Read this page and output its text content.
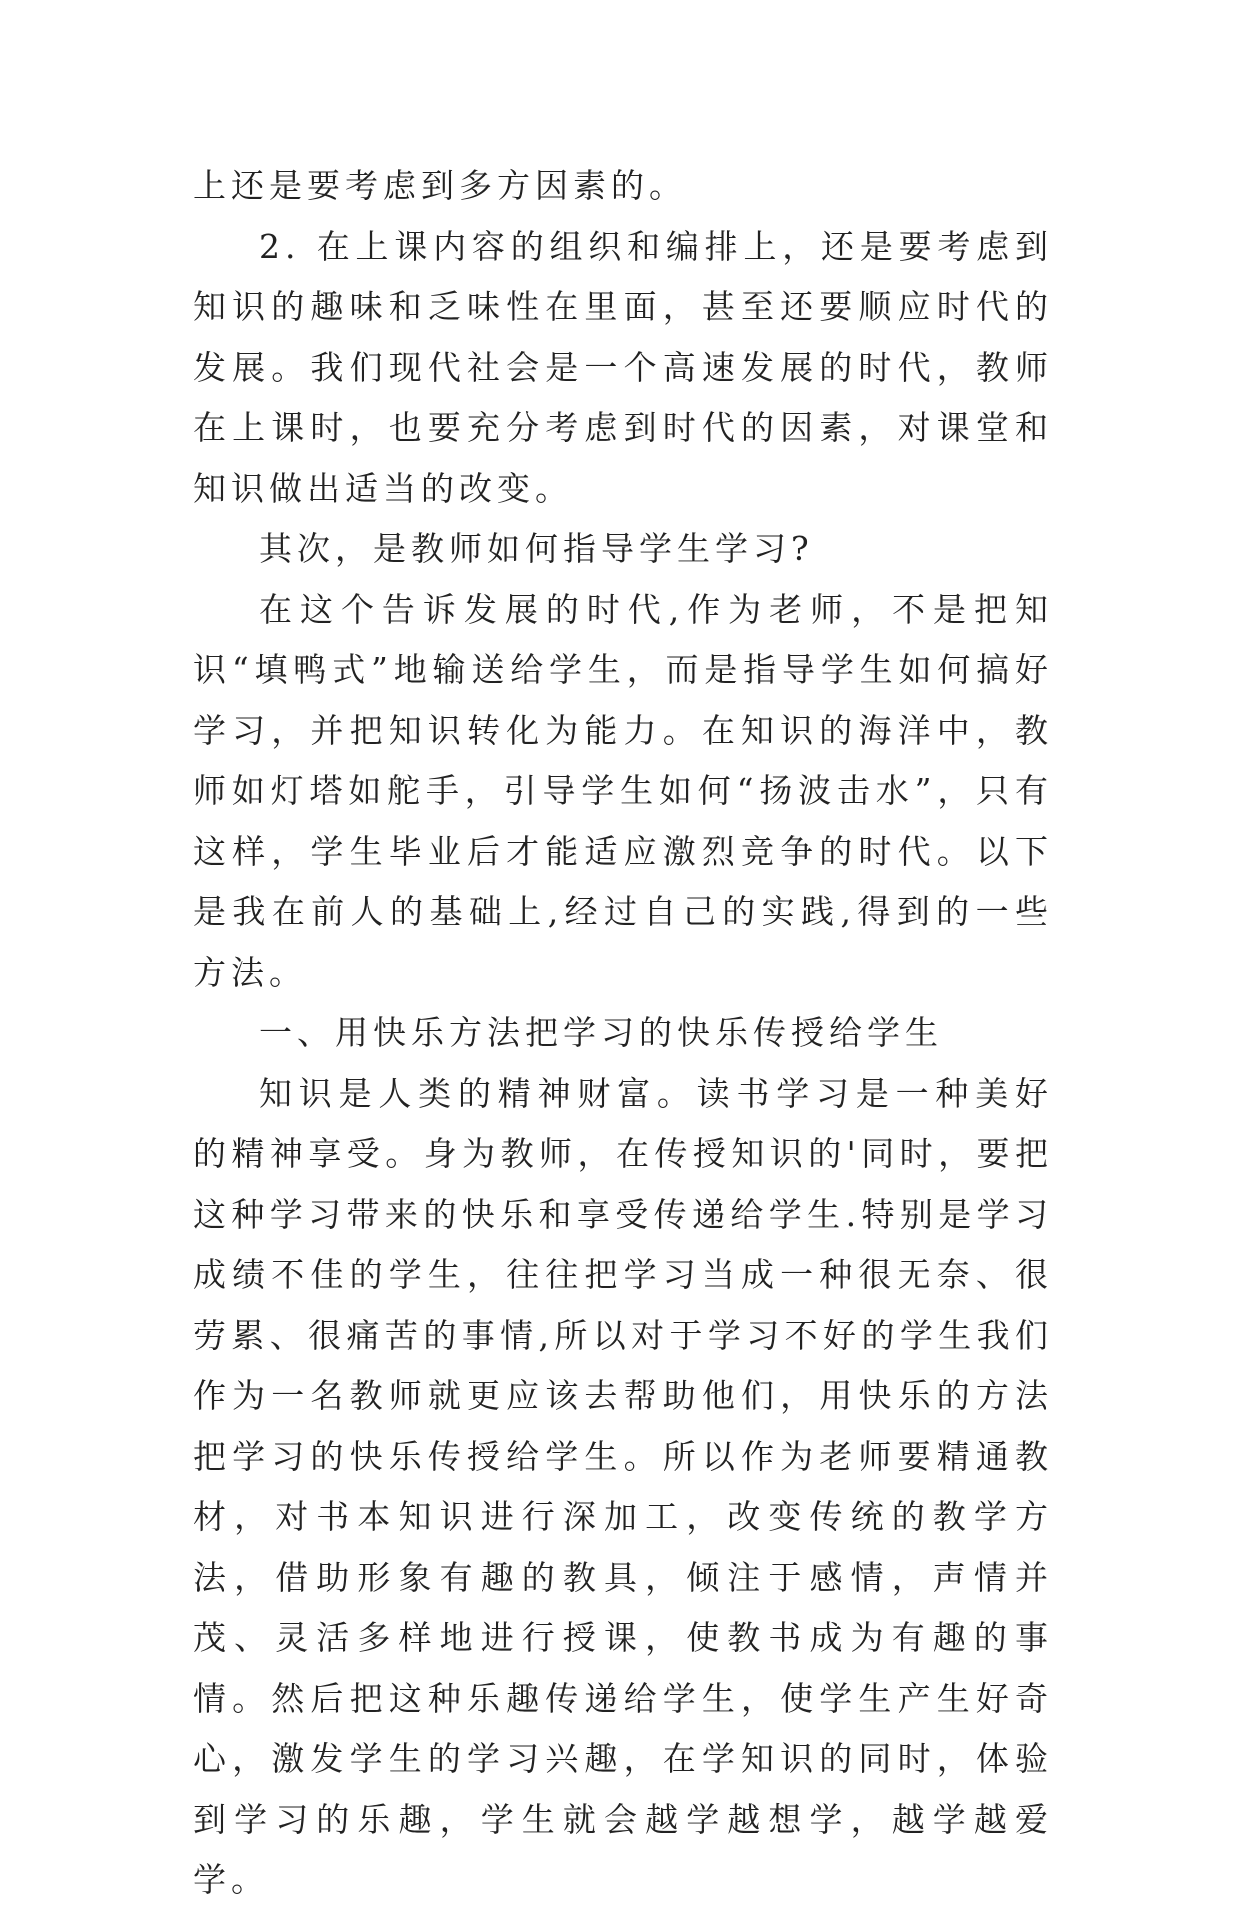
上还是要考虑到多方因素的。

2. 在上课内容的组织和编排上，还是要考虑到知识的趣味和乏味性在里面，甚至还要顺应时代的发展。我们现代社会是一个高速发展的时代，教师在上课时，也要充分考虑到时代的因素，对课堂和知识做出适当的改变。

其次，是教师如何指导学生学习?

在这个告诉发展的时代,作为老师，不是把知识“填鸭式”地输送给学生，而是指导学生如何搞好学习，并把知识转化为能力。在知识的海洋中，教师如灯塔如舵手，引导学生如何“扬波击水”，只有这样，学生毕业后才能适应激烈竞争的时代。以下是我在前人的基础上,经过自己的实践,得到的一些方法。

一、用快乐方法把学习的快乐传授给学生

知识是人类的精神财富。读书学习是一种美好的精神享受。身为教师，在传授知识的'同时，要把这种学习带来的快乐和享受传递给学生.特别是学习成绩不佳的学生，往往把学习当成一种很无奈、很劳累、很痛苦的事情,所以对于学习不好的学生我们作为一名教师就更应该去帮助他们，用快乐的方法把学习的快乐传授给学生。所以作为老师要精通教材，对书本知识进行深加工，改变传统的教学方法，借助形象有趣的教具，倾注于感情，声情并茂、灵活多样地进行授课，使教书成为有趣的事情。然后把这种乐趣传递给学生，使学生产生好奇心，激发学生的学习兴趣，在学知识的同时，体验到学习的乐趣，学生就会越学越想学，越学越爱学。
